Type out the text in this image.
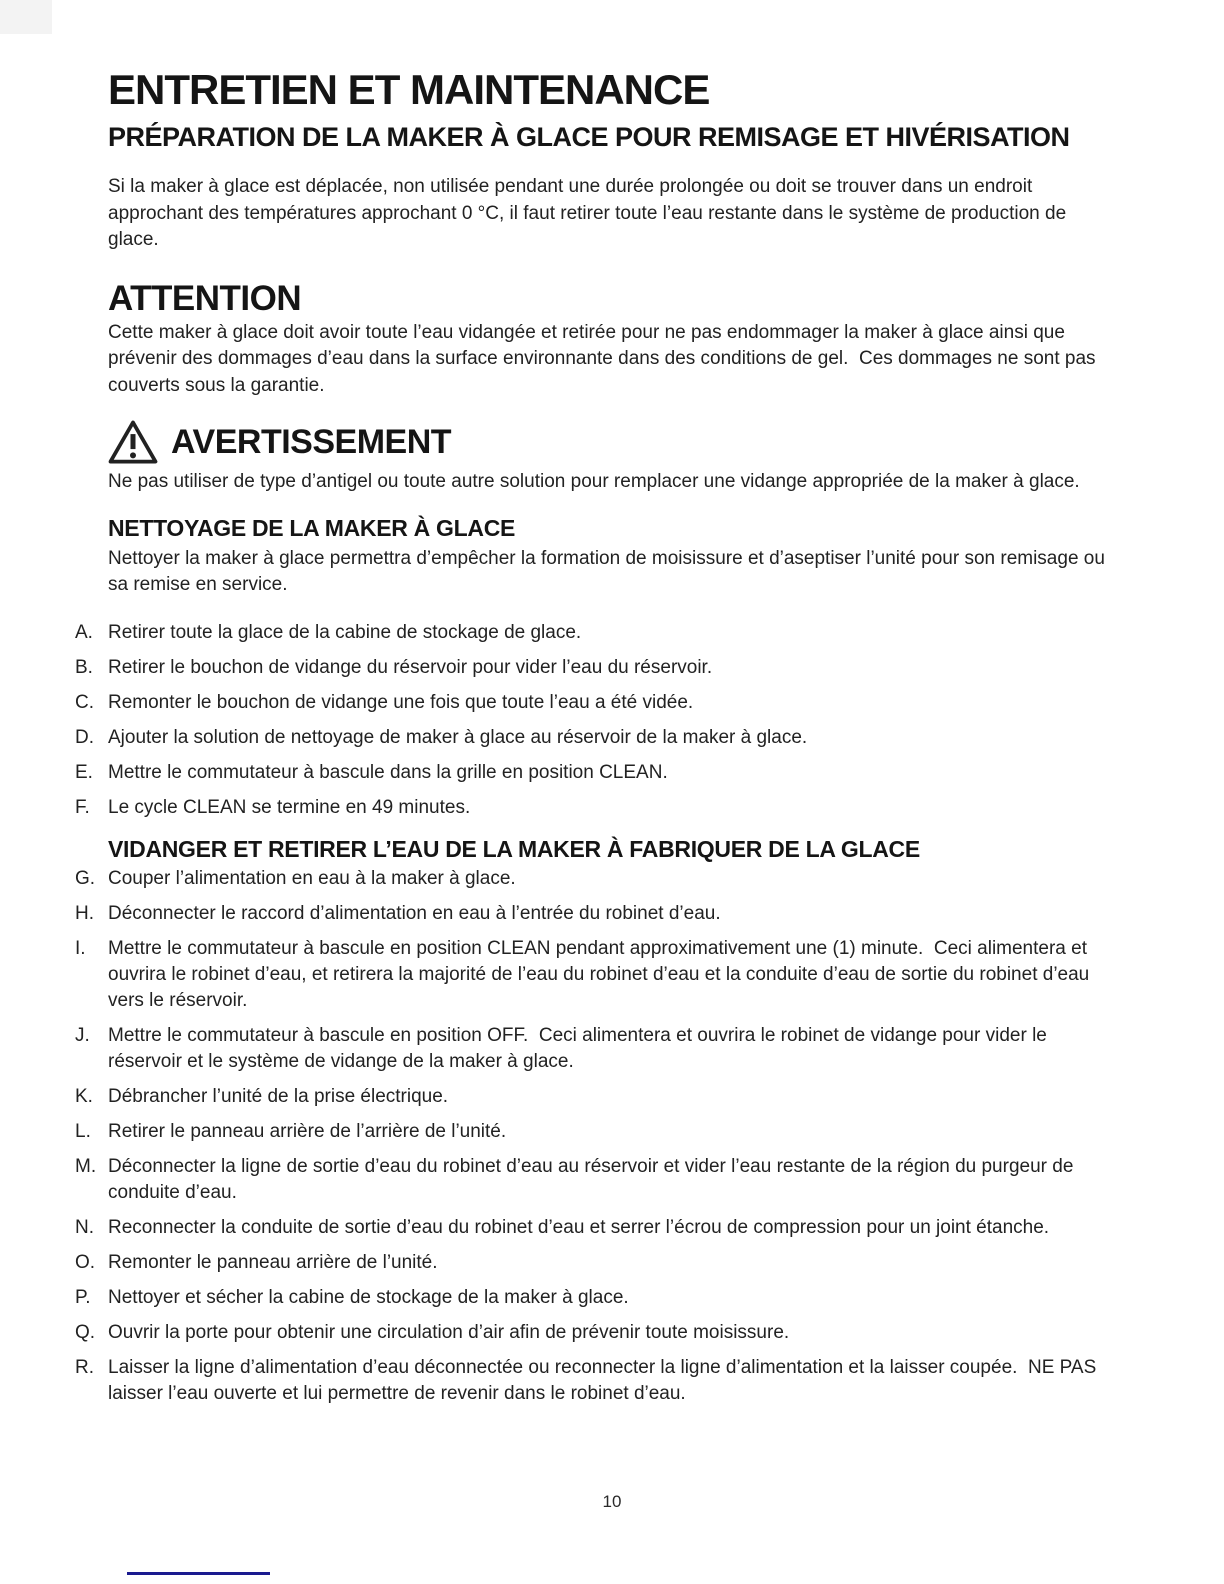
ENTRETIEN ET MAINTENANCE
PRÉPARATION DE LA MAKER À GLACE POUR REMISAGE ET HIVÉRISATION

Si la maker à glace est déplacée, non utilisée pendant une durée prolongée ou doit se trouver dans un endroit approchant des températures approchant 0 °C, il faut retirer toute l’eau restante dans le système de production de glace.

ATTENTION

Cette maker à glace doit avoir toute l’eau vidangée et retirée pour ne pas endommager la maker à glace ainsi que prévenir des dommages d’eau dans la surface environnante dans des conditions de gel.  Ces dommages ne sont pas couverts sous la garantie.

AVERTISSEMENT

Ne pas utiliser de type d’antigel ou toute autre solution pour remplacer une vidange appropriée de la maker à glace.

NETTOYAGE DE LA MAKER À GLACE

Nettoyer la maker à glace permettra d’empêcher la formation de moisissure et d’aseptiser l’unité pour son remisage ou sa remise en service.

A. Retirer toute la glace de la cabine de stockage de glace.
B. Retirer le bouchon de vidange du réservoir pour vider l’eau du réservoir.
C. Remonter le bouchon de vidange une fois que toute l’eau a été vidée.
D. Ajouter la solution de nettoyage de maker à glace au réservoir de la maker à glace.
E. Mettre le commutateur à bascule dans la grille en position CLEAN.
F. Le cycle CLEAN se termine en 49 minutes.
VIDANGER ET RETIRER L’EAU DE LA MAKER À FABRIQUER DE LA GLACE
G. Couper l’alimentation en eau à la maker à glace.
H. Déconnecter le raccord d’alimentation en eau à l’entrée du robinet d’eau.
I.	Mettre le commutateur à bascule en position CLEAN pendant approximativement une (1) minute.  Ceci alimentera et ouvrira le robinet d’eau, et retirera la majorité de l’eau du robinet d’eau et la conduite d’eau de sortie du robinet d’eau vers le réservoir.
J. Mettre le commutateur à bascule en position OFF.  Ceci alimentera et ouvrira le robinet de vidange pour vider le réservoir et le système de vidange de la maker à glace.
K. Débrancher l’unité de la prise électrique.
L. Retirer le panneau arrière de l’arrière de l’unité.
M. Déconnecter la ligne de sortie d’eau du robinet d’eau au réservoir et vider l’eau restante de la région du purgeur de conduite d’eau.
N. Reconnecter la conduite de sortie d’eau du robinet d’eau et serrer l’écrou de compression pour un joint étanche.
O. Remonter le panneau arrière de l’unité.
P. Nettoyer et sécher la cabine de stockage de la maker à glace.
Q. Ouvrir la porte pour obtenir une circulation d’air afin de prévenir toute moisissure.
R. Laisser la ligne d’alimentation d’eau déconnectée ou reconnecter la ligne d’alimentation et la laisser coupée.  NE PAS laisser l’eau ouverte et lui permettre de revenir dans le robinet d’eau.
10
